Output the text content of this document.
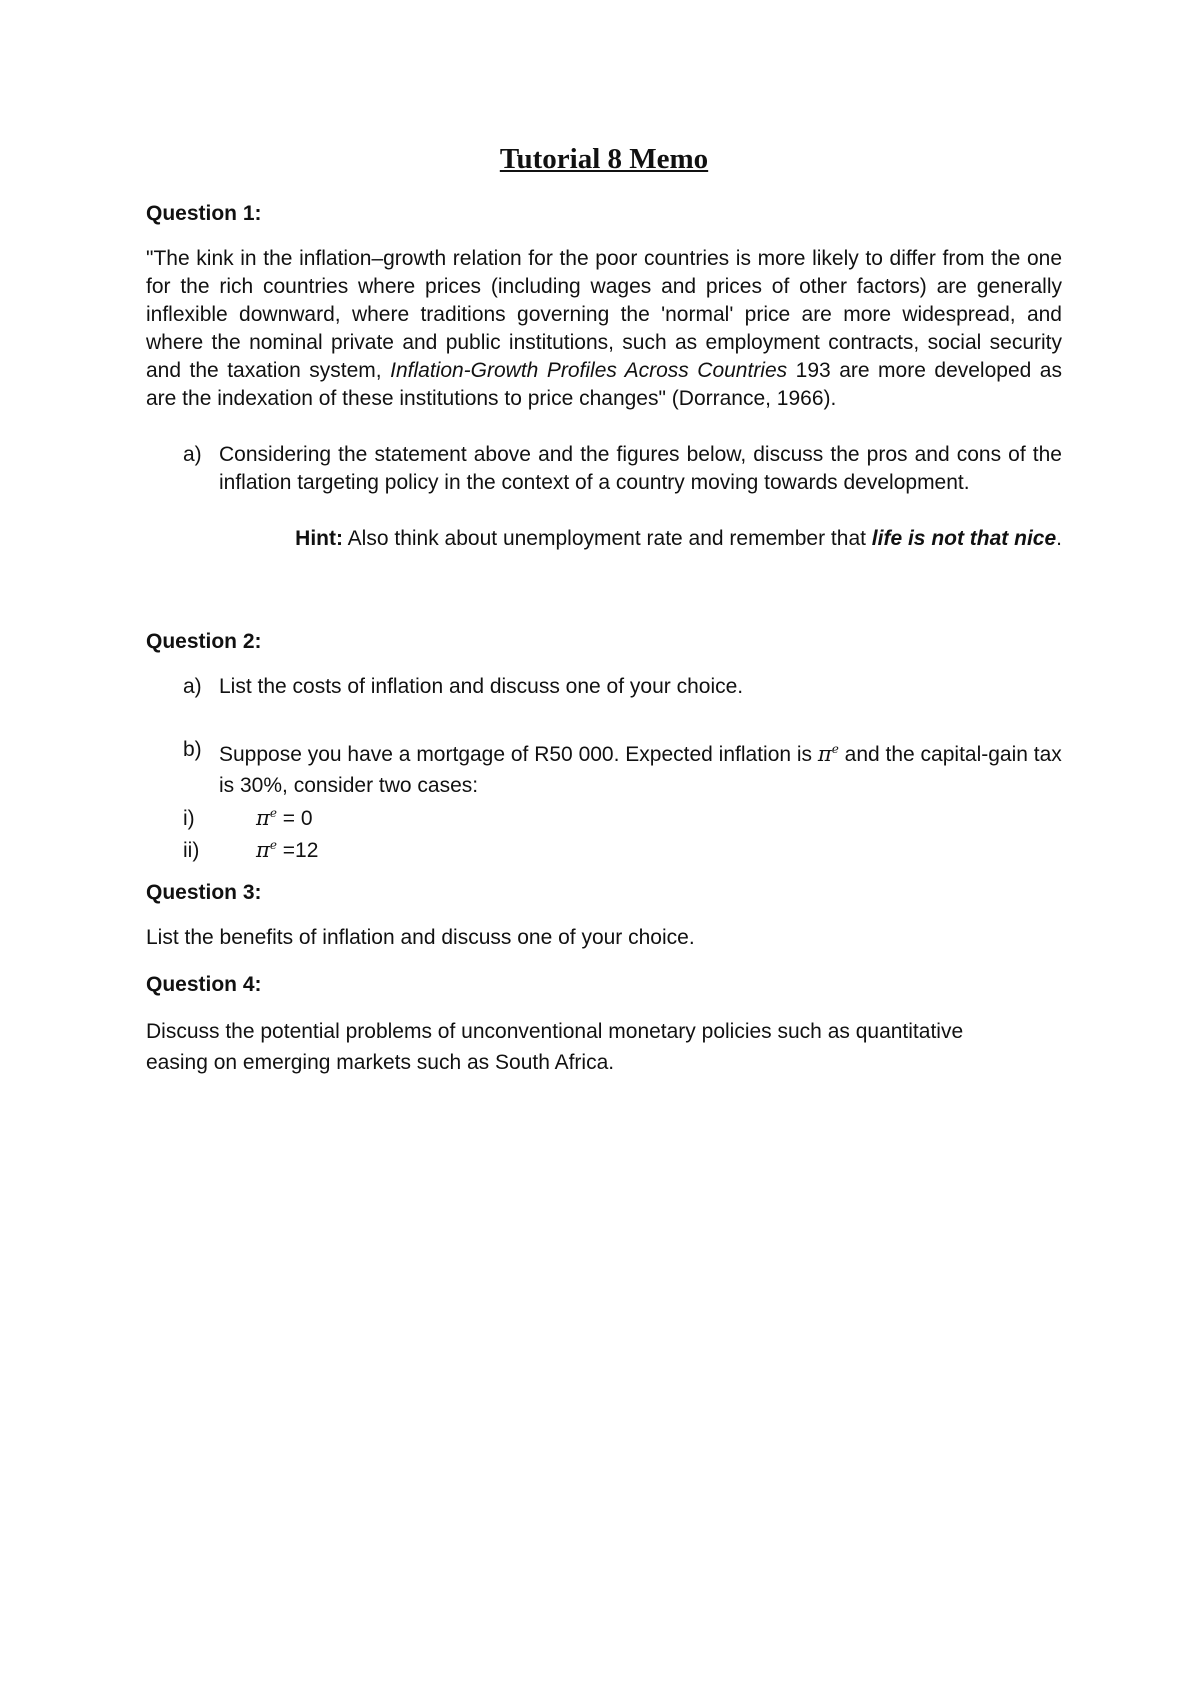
Tutorial 8 Memo
Question 1:
"The kink in the inflation–growth relation for the poor countries is more likely to differ from the one for the rich countries where prices (including wages and prices of other factors) are generally inflexible downward, where traditions governing the 'normal' price are more widespread, and where the nominal private and public institutions, such as employment contracts, social security and the taxation system, Inflation-Growth Profiles Across Countries 193 are more developed as are the indexation of these institutions to price changes" (Dorrance, 1966).
a) Considering the statement above and the figures below, discuss the pros and cons of the inflation targeting policy in the context of a country moving towards development.
Hint: Also think about unemployment rate and remember that life is not that nice.
Question 2:
a) List the costs of inflation and discuss one of your choice.
b) Suppose you have a mortgage of R50 000. Expected inflation is $\pi^e$ and the capital-gain tax is 30%, consider two cases:
i)	$\pi^e = 0$
ii)	$\pi^e =12$
Question 3:
List the benefits of inflation and discuss one of your choice.
Question 4:
Discuss the potential problems of unconventional monetary policies such as quantitative easing on emerging markets such as South Africa.
